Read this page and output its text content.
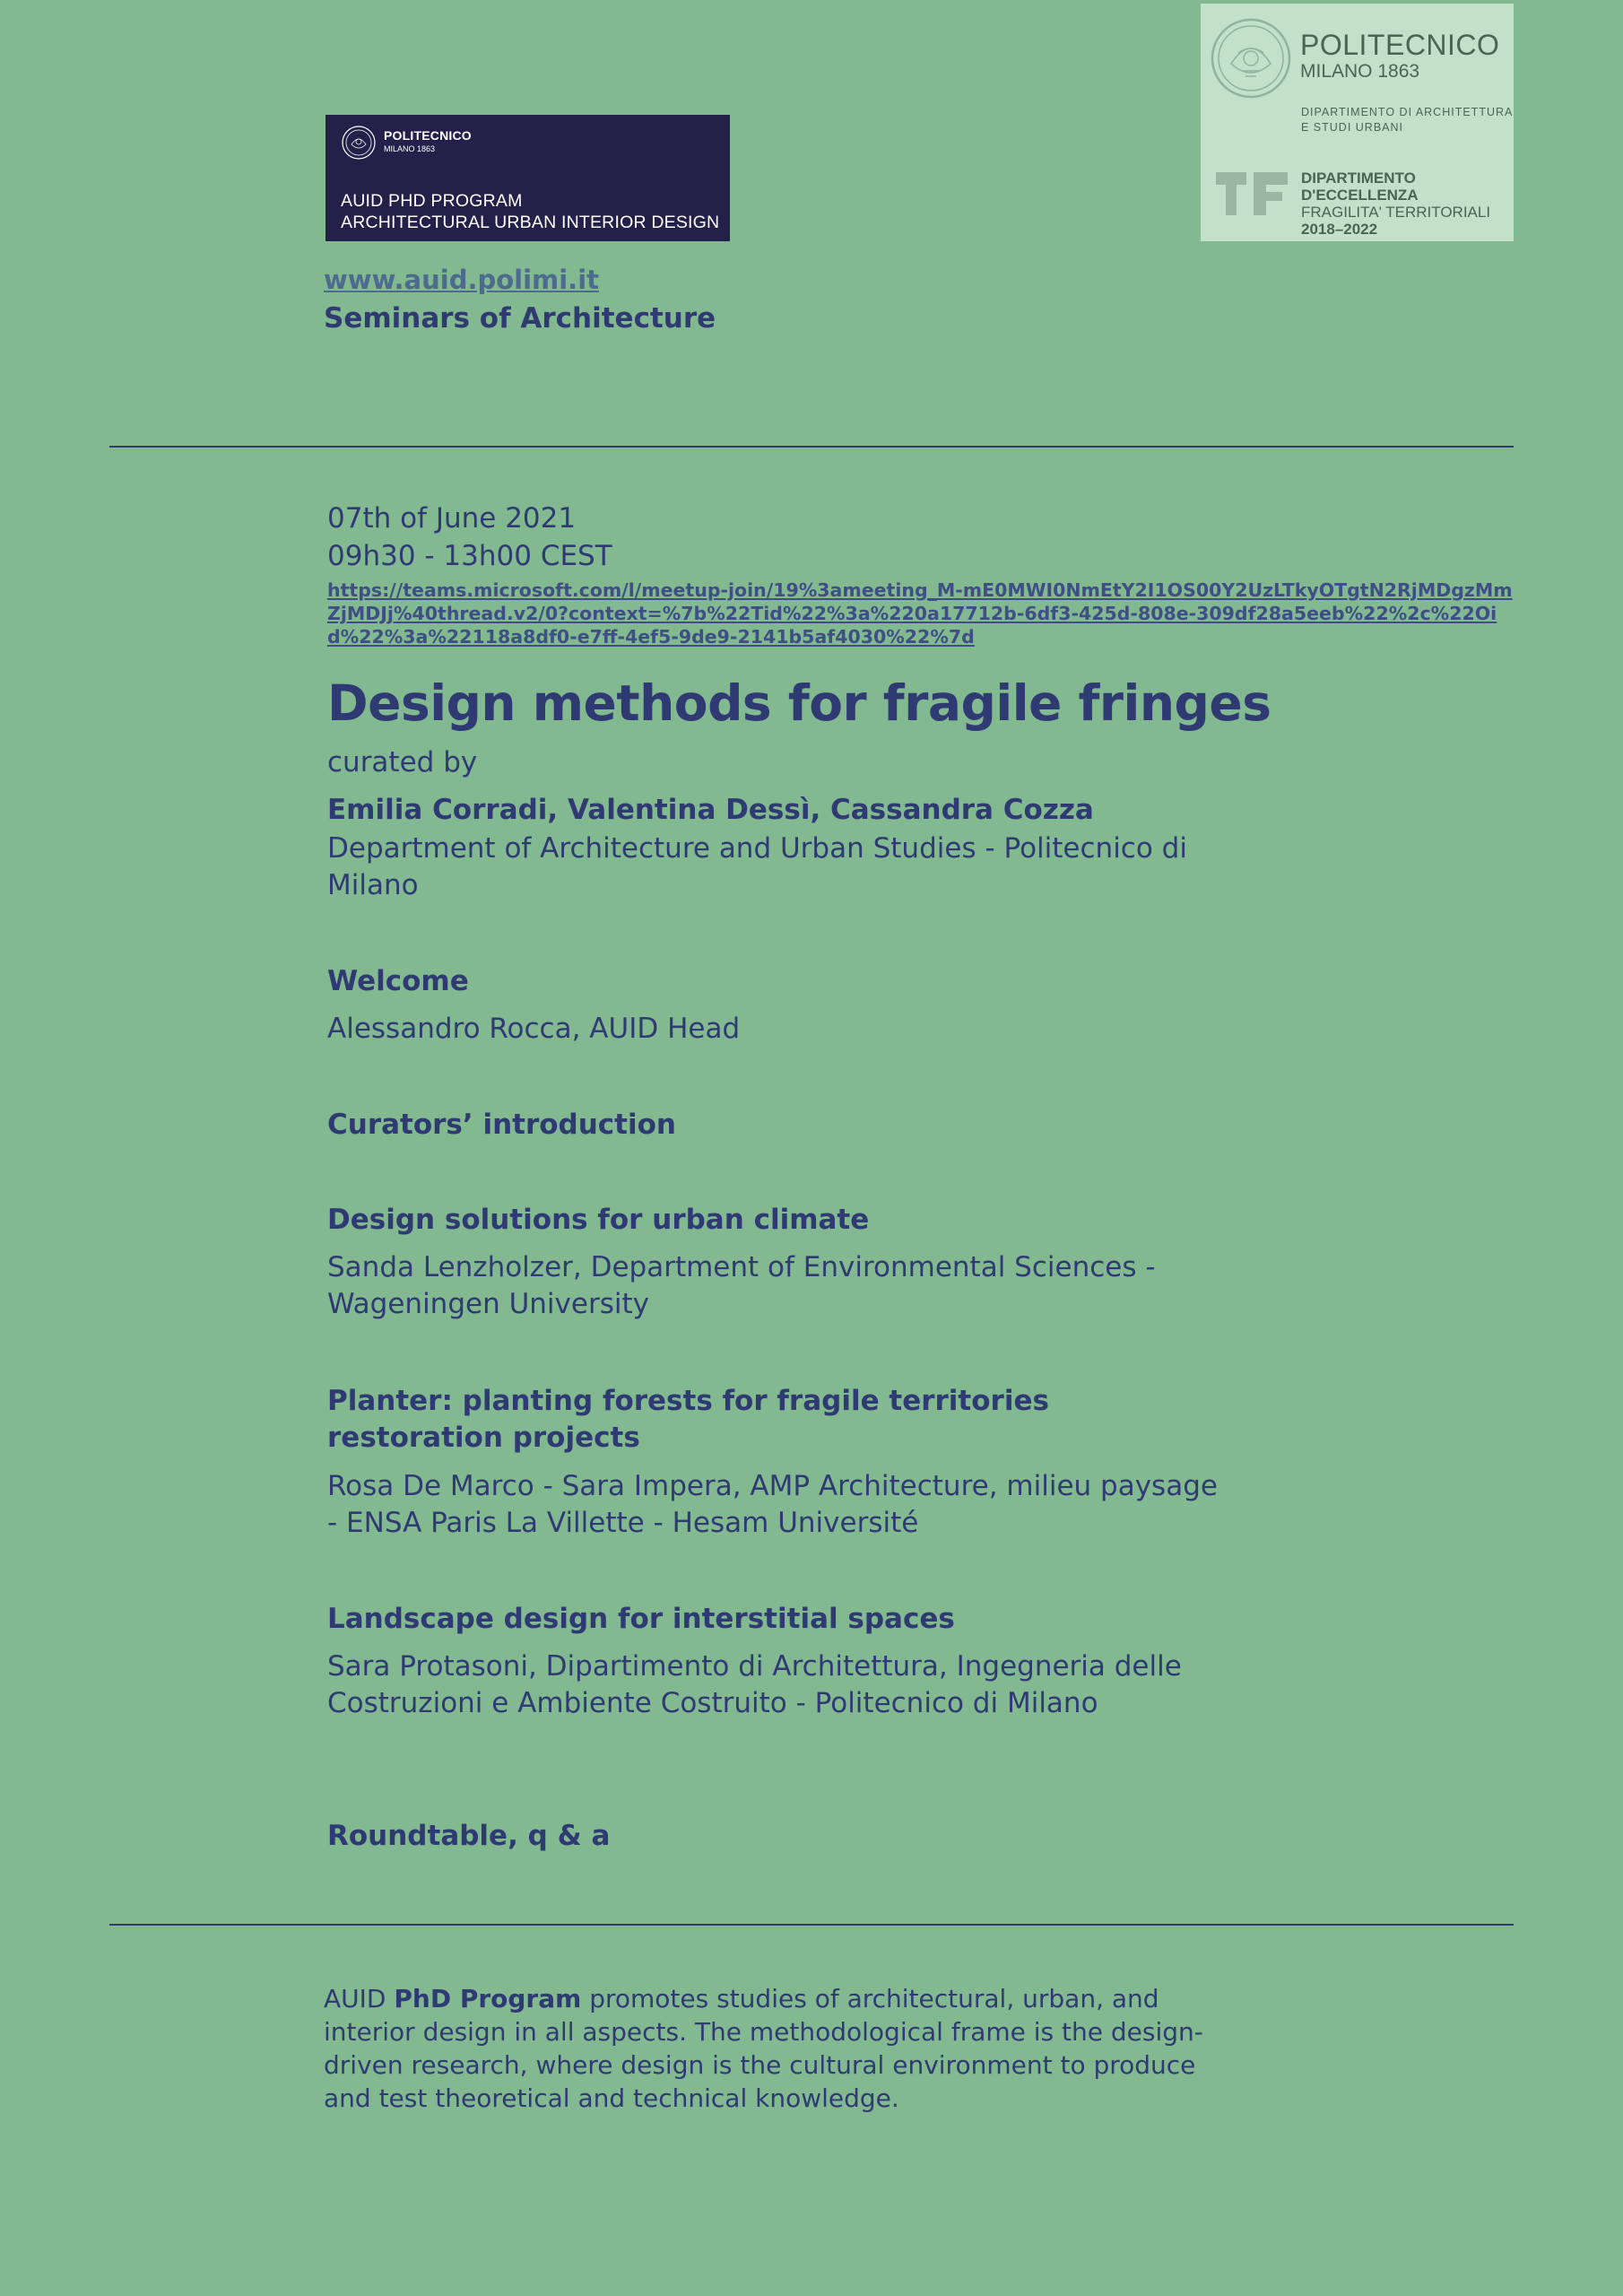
POLITECNICO
MILANO 1863
AUID PHD PROGRAM
ARCHITECTURAL URBAN INTERIOR DESIGN
POLITECNICO
MILANO 1863
DIPARTIMENTO DI ARCHITETTURA
E STUDI URBANI
DIPARTIMENTO
D'ECCELLENZA
FRAGILITA' TERRITORIALI
2018–2022
www.auid.polimi.it
Seminars of Architecture
07th of June 2021
09h30 - 13h00 CEST
https://teams.microsoft.com/l/meetup-join/19%3ameeting_M-mE0MWI0NmEtY2I1OS00Y2UzLTkyOTgtN2RjMDgzMmZjMDJj%40thread.v2/0?context=%7b%22Tid%22%3a%220a17712b-6df3-425d-808e-309df28a5eeb%22%2c%22Oid%22%3a%22118a8df0-e7ff-4ef5-9de9-2141b5af4030%22%7d
Design methods for fragile fringes
curated by
Emilia Corradi, Valentina Dessì, Cassandra Cozza
Department of Architecture and Urban Studies - Politecnico di Milano
Welcome
Alessandro Rocca, AUID Head
Curators’ introduction
Design solutions for urban climate
Sanda Lenzholzer, Department of Environmental Sciences - Wageningen University
Planter: planting forests for fragile territories restoration projects
Rosa De Marco - Sara Impera, AMP Architecture, milieu paysage - ENSA Paris La Villette - Hesam Université
Landscape design for interstitial spaces
Sara Protasoni, Dipartimento di Architettura, Ingegneria delle Costruzioni e Ambiente Costruito - Politecnico di Milano
Roundtable, q & a
AUID PhD Program promotes studies of architectural, urban, and interior design in all aspects. The methodological frame is the design-driven research, where design is the cultural environment to produce and test theoretical and technical knowledge.
